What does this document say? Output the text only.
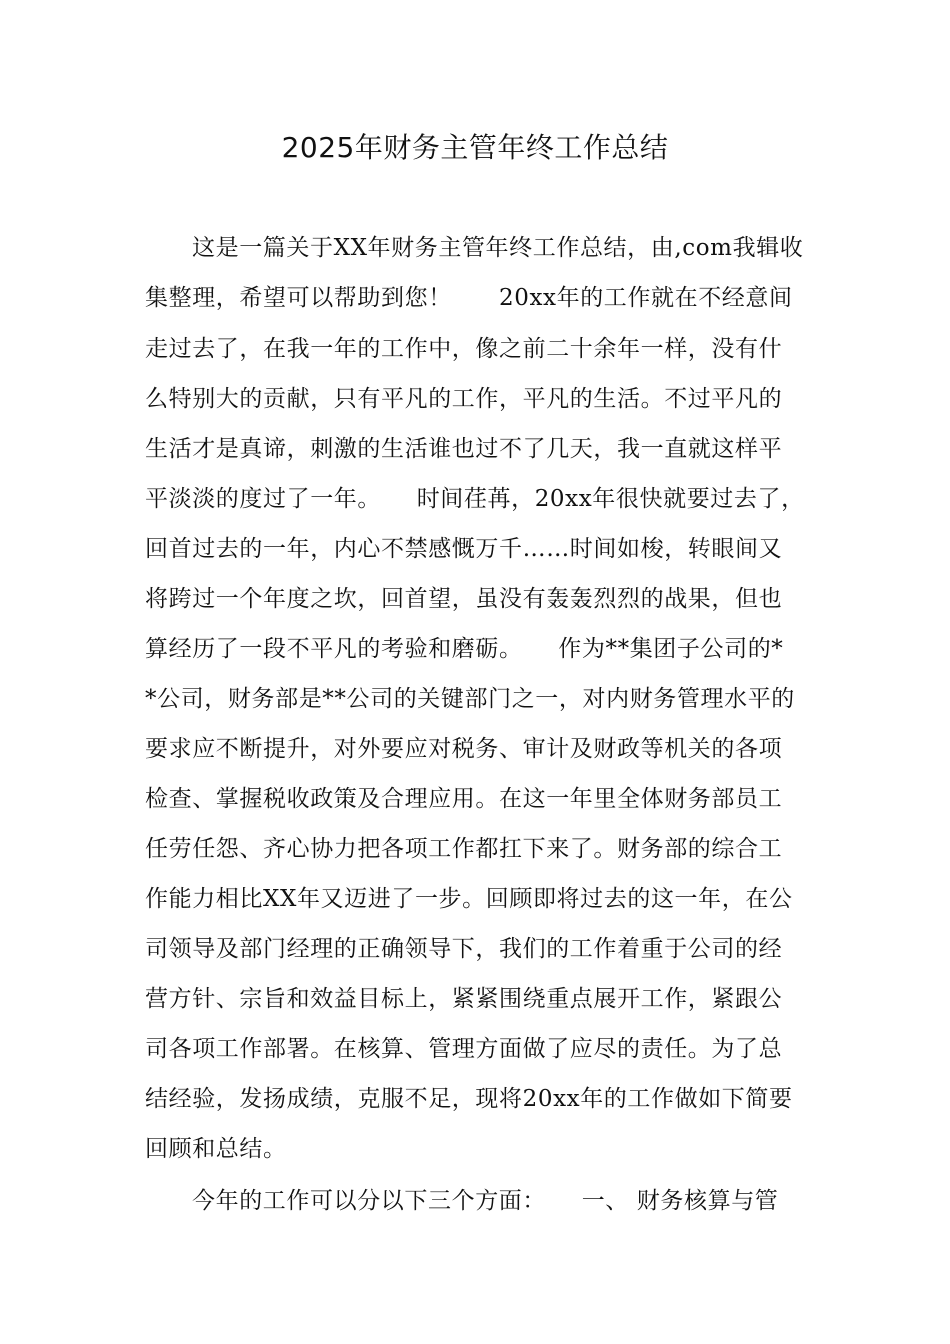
2025年财务主管年终工作总结
这是一篇关于XX年财务主管年终工作总结，由,com我辑收
集整理，希望可以帮助到您！　　20xx年的工作就在不经意间
走过去了，在我一年的工作中，像之前二十余年一样，没有什
么特别大的贡献，只有平凡的工作，平凡的生活。不过平凡的
生活才是真谛，刺激的生活谁也过不了几天，我一直就这样平
平淡淡的度过了一年。　　时间荏苒，20xx年很快就要过去了，
回首过去的一年，内心不禁感慨万千……时间如梭，转眼间又
将跨过一个年度之坎，回首望，虽没有轰轰烈烈的战果，但也
算经历了一段不平凡的考验和磨砺。　　作为**集团子公司的*
*公司，财务部是**公司的关键部门之一，对内财务管理水平的
要求应不断提升，对外要应对税务、审计及财政等机关的各项
检查、掌握税收政策及合理应用。在这一年里全体财务部员工
任劳任怨、齐心协力把各项工作都扛下来了。财务部的综合工
作能力相比XX年又迈进了一步。回顾即将过去的这一年，在公
司领导及部门经理的正确领导下，我们的工作着重于公司的经
营方针、宗旨和效益目标上，紧紧围绕重点展开工作，紧跟公
司各项工作部署。在核算、管理方面做了应尽的责任。为了总
结经验，发扬成绩，克服不足，现将20xx年的工作做如下简要
回顾和总结。
今年的工作可以分以下三个方面：　　一、 财务核算与管
